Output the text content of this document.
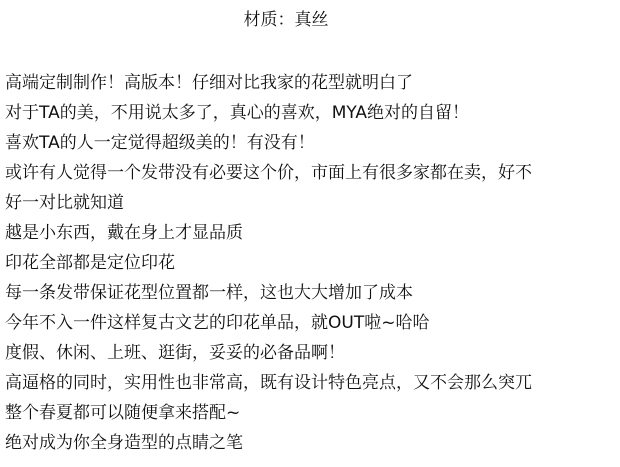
材质：真丝
高端定制制作！高版本！仔细对比我家的花型就明白了
对于TA的美，不用说太多了，真心的喜欢，MYA绝对的自留！
喜欢TA的人一定觉得超级美的！有没有！
或许有人觉得一个发带没有必要这个价，市面上有很多家都在卖，好不
好一对比就知道
越是小东西，戴在身上才显品质
印花全部都是定位印花
每一条发带保证花型位置都一样，这也大大增加了成本
今年不入一件这样复古文艺的印花单品，就OUT啦~哈哈
度假、休闲、上班、逛街，妥妥的必备品啊！
高逼格的同时，实用性也非常高，既有设计特色亮点，又不会那么突兀
整个春夏都可以随便拿来搭配~
绝对成为你全身造型的点睛之笔
